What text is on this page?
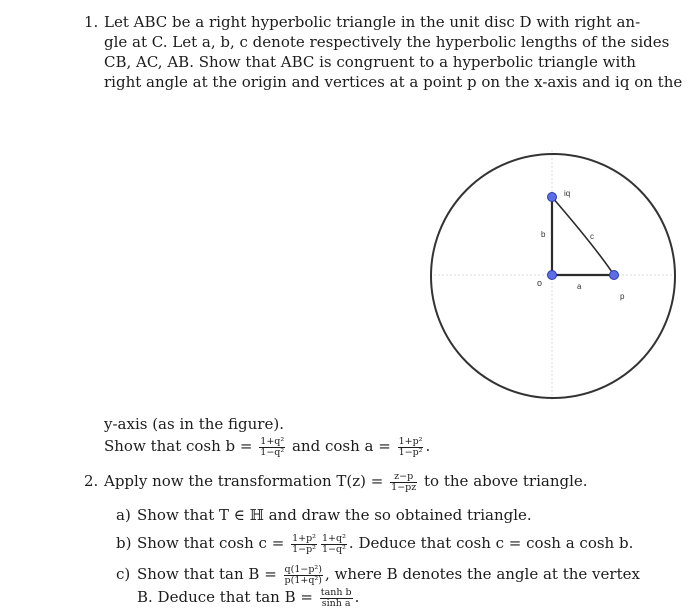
1. Let ABC be a right hyperbolic triangle in the unit disc D with right an-
gle at C. Let a, b, c denote respectively the hyperbolic lengths of the sides
CB, AC, AB. Show that ABC is congruent to a hyperbolic triangle with
right angle at the origin and vertices at a point p on the x-axis and iq on the
iq
b	c
a
p
o
y-axis (as in the figure).
Show that $\cosh b = \frac{\text{1+q²}}{\text{1−q²}}$ and $\cosh a = \frac{\text{1+p²}}{\text{1−p²}}$ .
2. Apply now the transformation $T(z) = \frac{z-p}{1-pz}$ to the above triangle.
a) Show that T ∈ ℍ and draw the so obtained triangle.
b) Show that $\cosh c = \frac{\text{1+p²}}{\text{1−p²}} \frac{\text{1+q²}}{\text{1−q²}}$ . Deduce that cosh c = cosh a cosh b.
c) Show that $\tan B = \frac{\text{q(1−p²)}}{\text{p(1+q²)}}$ , where B denotes the angle at the vertex
B. Deduce that $\tan B = \frac{\text{tanh b}}{\text{sinh a}}$ .
